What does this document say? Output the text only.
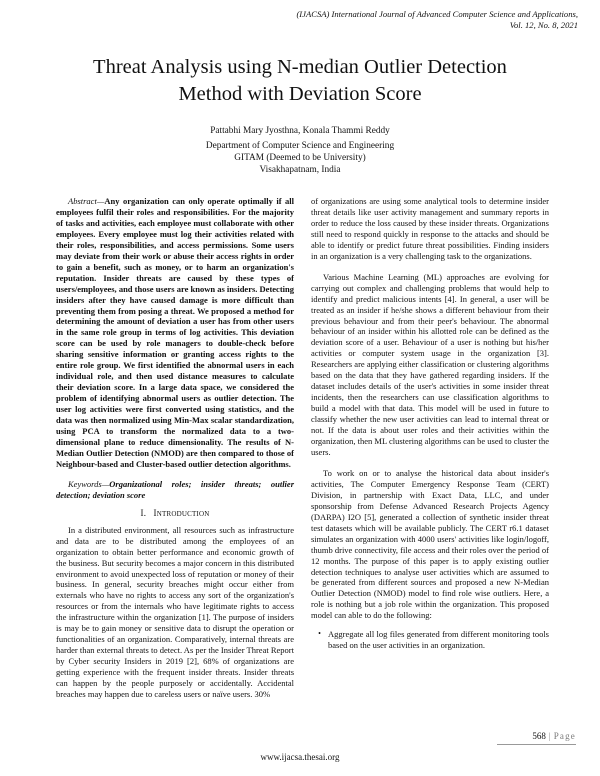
(IJACSA) International Journal of Advanced Computer Science and Applications,
Vol. 12, No. 8, 2021
Threat Analysis using N-median Outlier Detection
Method with Deviation Score
Pattabhi Mary Jyosthna, Konala Thammi Reddy
Department of Computer Science and Engineering
GITAM (Deemed to be University)
Visakhapatnam, India

Abstract—Any organization can only operate optimally if all employees fulfil their roles and responsibilities. For the majority of tasks and activities, each employee must collaborate with other employees. Every employee must log their activities related with their roles, responsibilities, and access permissions. Some users may deviate from their work or abuse their access rights in order to gain a benefit, such as money, or to harm an organization's reputation. Insider threats are caused by these types of users/employees, and those users are known as insiders. Detecting insiders after they have caused damage is more difficult than preventing them from posing a threat. We proposed a method for determining the amount of deviation a user has from other users in the same role group in terms of log activities. This deviation score can be used by role managers to double-check before sharing sensitive information or granting access rights to the entire role group. We first identified the abnormal users in each individual role, and then used distance measures to calculate their deviation score. In a large data space, we considered the problem of identifying abnormal users as outlier detection. The user log activities were first converted using statistics, and the data was then normalized using Min-Max scalar standardization, using PCA to transform the normalized data to a two-dimensional plane to reduce dimensionality. The results of N-Median Outlier Detection (NMOD) are then compared to those of Neighbour-based and Cluster-based outlier detection algorithms.

Keywords—Organizational roles; insider threats; outlier detection; deviation score

I. INTRODUCTION

In a distributed environment, all resources such as infrastructure and data are to be distributed among the employees of an organization to obtain better performance and economic growth of the business. But security becomes a major concern in this distributed environment to avoid unexpected loss of reputation or money of their business. In general, security breaches might occur either from externals who have no rights to access any sort of the organization's resources or from the internals who have legitimate rights to access the infrastructure within the organization [1]. The purpose of insiders is may be to gain money or sensitive data to disrupt the operation or functionalities of an organization. Comparatively, internal threats are harder than external threats to detect. As per the Insider Threat Report by Cyber security Insiders in 2019 [2], 68% of organizations are getting experience with the frequent insider threats. Insider threats can happen by the people purposely or accidentally. Accidental breaches may happen due to careless users or naïve users. 30%

of organizations are using some analytical tools to determine insider threat details like user activity management and summary reports in order to reduce the loss caused by these insider threats. Organizations still need to respond quickly in response to the attacks and should be able to identify or predict future threat possibilities. Finding insiders in an organization is a very challenging task to the organizations.

Various Machine Learning (ML) approaches are evolving for carrying out complex and challenging problems that would help to identify and predict malicious intents [4]. In general, a user will be treated as an insider if he/she shows a different behaviour from their previous behaviour and from their peer's behaviour. The abnormal behaviour of an insider within his allotted role can be defined as the deviation score of a user. Behaviour of a user is nothing but his/her activities or computer system usage in the organization [3]. Researchers are applying either classification or clustering algorithms based on the data that they have gathered regarding insiders. If the dataset includes details of the user's activities in some insider threat incidents, then the researchers can use classification algorithms to build a model with that data. This model will be used in future to classify whether the new user activities can lead to internal threat or not. If the data is about user roles and their activities within the organization, then ML clustering algorithms can be used to cluster the users.

To work on or to analyse the historical data about insider's activities, The Computer Emergency Response Team (CERT) Division, in partnership with Exact Data, LLC, and under sponsorship from Defense Advanced Research Projects Agency (DARPA) I2O [5], generated a collection of synthetic insider threat test datasets which will be available publicly. The CERT r6.1 dataset simulates an organization with 4000 users' activities like login/logoff, thumb drive connectivity, file access and their roles over the period of 12 months. The purpose of this paper is to apply existing outlier detection techniques to analyse user activities which are assumed to be generated from different sources and proposed a new N-Median Outlier Detection (NMOD) model to find role wise outliers. Here, a role is nothing but a job role within the organization. This proposed model can able to do the following:

• Aggregate all log files generated from different monitoring tools based on the user activities in an organization.

568 | Page
www.ijacsa.thesai.org
